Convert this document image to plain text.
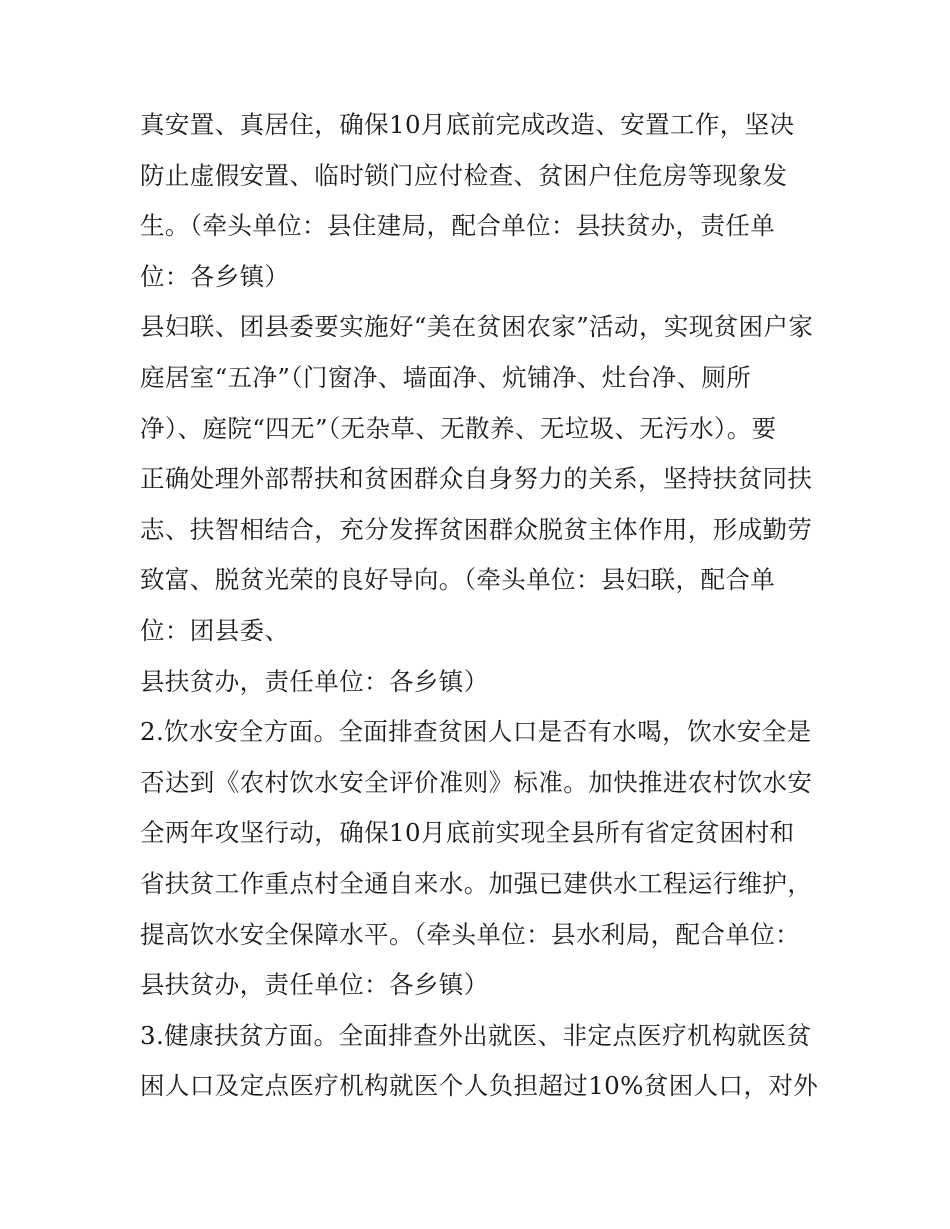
真安置、真居住，确保10月底前完成改造、安置工作，坚决
防止虚假安置、临时锁门应付检查、贫困户住危房等现象发
生。（牵头单位：县住建局，配合单位：县扶贫办，责任单
位：各乡镇）
县妇联、团县委要实施好“美在贫困农家”活动，实现贫困户家
庭居室“五净”（门窗净、墙面净、炕铺净、灶台净、厕所
净）、庭院“四无”（无杂草、无散养、无垃圾、无污水）。要
正确处理外部帮扶和贫困群众自身努力的关系，坚持扶贫同扶
志、扶智相结合，充分发挥贫困群众脱贫主体作用，形成勤劳
致富、脱贫光荣的良好导向。（牵头单位：县妇联，配合单
位：团县委、
县扶贫办，责任单位：各乡镇）
2.饮水安全方面。全面排查贫困人口是否有水喝，饮水安全是
否达到《农村饮水安全评价准则》标准。加快推进农村饮水安
全两年攻坚行动，确保10月底前实现全县所有省定贫困村和
省扶贫工作重点村全通自来水。加强已建供水工程运行维护，
提高饮水安全保障水平。（牵头单位：县水利局，配合单位：
县扶贫办，责任单位：各乡镇）
3.健康扶贫方面。全面排查外出就医、非定点医疗机构就医贫
困人口及定点医疗机构就医个人负担超过10%贫困人口，对外
